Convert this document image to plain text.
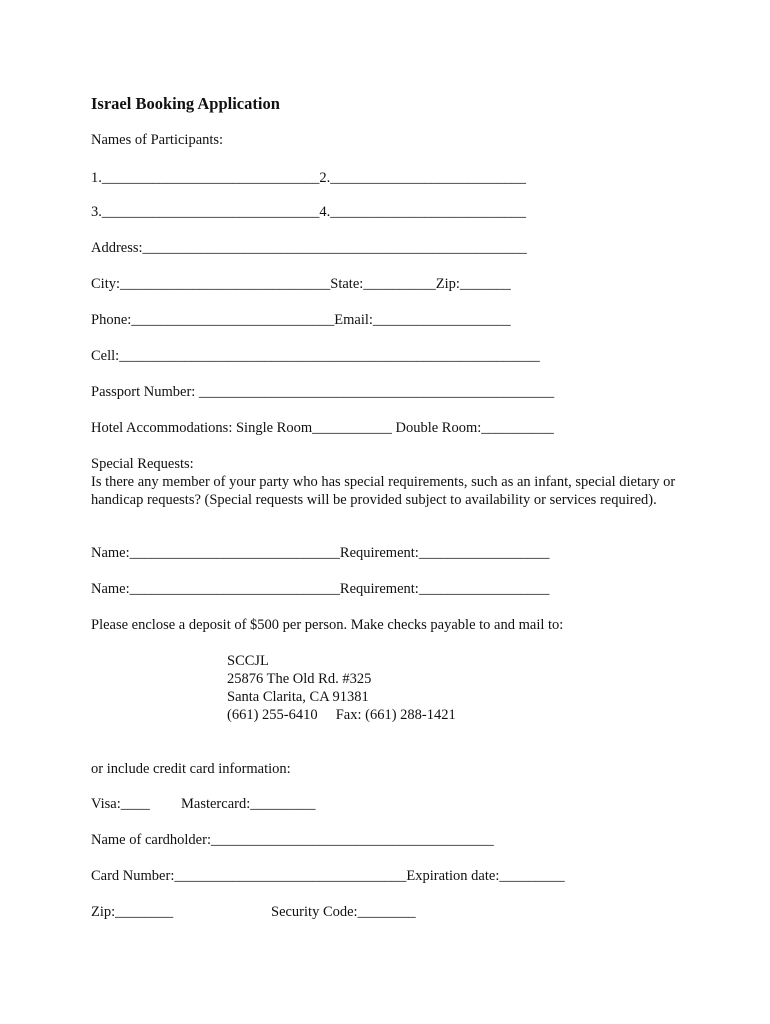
Israel Booking Application
Names of Participants:
1.______________________________2.___________________________
3.______________________________4.___________________________
Address:_____________________________________________________
City:_____________________________State:__________Zip:_______
Phone:____________________________Email:___________________
Cell:__________________________________________________________
Passport Number: _________________________________________________
Hotel Accommodations: Single Room___________ Double Room:__________
Special Requests:
Is there any member of your party who has special requirements, such as an infant, special dietary or handicap requests? (Special requests will be provided subject to availability or services required).
Name:_____________________________Requirement:__________________
Name:_____________________________Requirement:__________________
Please enclose a deposit of $500 per person. Make checks payable to and mail to:
SCCJL
25876 The Old Rd. #325
Santa Clarita, CA 91381
(661) 255-6410     Fax: (661) 288-1421
or include credit card information:
Visa:____ Mastercard:_________
Name of cardholder:_______________________________________
Card Number:________________________________Expiration date:_________
Zip:________	Security Code:________
